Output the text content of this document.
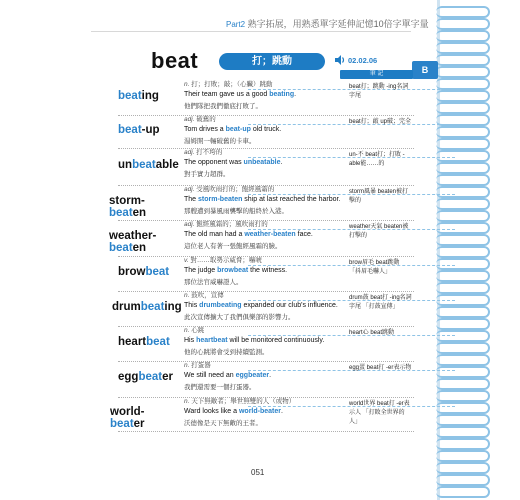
B
Part2 熟字拓展，用熟悉單字延伸記憶10倍字單字量
beat	打；跳動	02.02.06
筆 記
beating
n. 打；打敗；敲；（心臟）跳動
Their team gave us a good beating.
他們隊把我們徹底打敗了。
beat打；跳動 -ing名詞字尾
beat-up
adj. 破舊的
Tom drives a beat-up old truck.
湯姆開一輛破舊的卡車。
beat打；敲 up破；完全
unbeatable
adj. 打不垮的
The opponent was unbeatable.
對手實力超群。
un-不 beat打；打敗 -able能……的
storm-beaten
adj. 受風吹雨打的；飽經風霜的
The storm-beaten ship at last reached the harbor.
那艘遭到暴風雨襲擊的船終於入港。
storm風暴 beaten被打擊的
weather-beaten
adj. 飽經風霜的；風吹雨打的
The old man had a weather-beaten face.
這位老人有著一張飽經風霜的臉。
weather天氣 beaten被打擊的
browbeat
v. 對……取勢示威脅；嚇唬
The judge browbeat the witness.
那位法官威嚇證人。
brow眉毛 beat跳動 「抖眉毛嚇人」
drumbeating
n. 鼓吹，宣傳
This drumbeating expanded our club's influence.
此次宣傳擴大了我們俱樂部的影響力。
drum鼓 beat打 -ing名詞字尾 「打鼓宣傳」
heartbeat
n. 心跳
His heartbeat will be monitored continuously.
他的心跳將會受到持續監測。
heart心 beat跳動
eggbeater
n. 打蛋器
We still need an eggbeater.
我們還需要一個打蛋器。
egg蛋 beat打 -er表示物
world-beater
n. 天下無敵者；舉世無雙的人（或物）
Ward looks like a world-beater.
沃德像是天下無敵的王者。
world世界 beat打 -er表示人 「打敗全世界的人」
051
